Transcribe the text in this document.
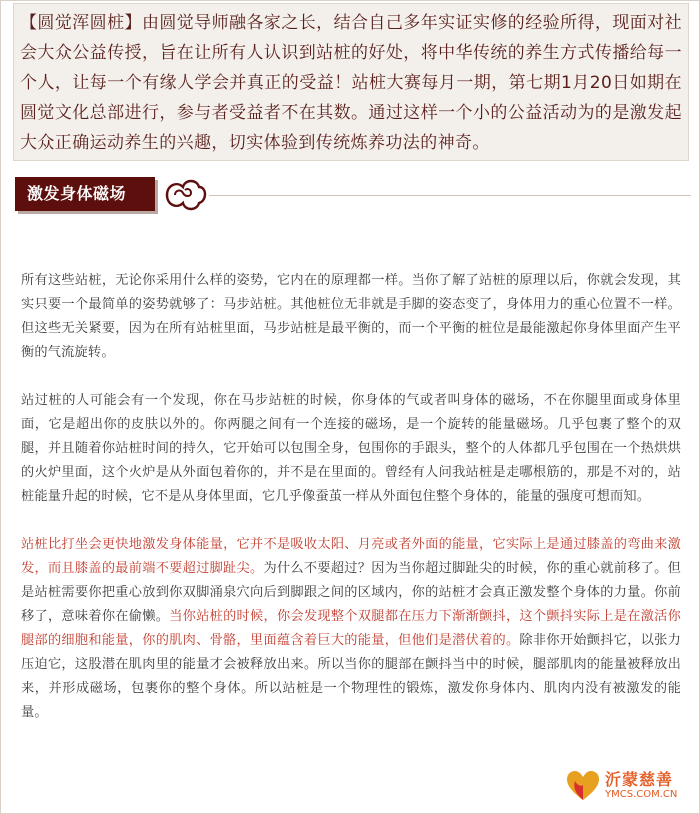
【圆觉浑圆桩】由圆觉导师融各家之长，结合自己多年实证实修的经验所得，现面对社会大众公益传授，旨在让所有人认识到站桩的好处，将中华传统的养生方式传播给每一个人，让每一个有缘人学会并真正的受益！站桩大赛每月一期，第七期1月20日如期在圆觉文化总部进行，参与者受益者不在其数。通过这样一个小的公益活动为的是激发起大众正确运动养生的兴趣，切实体验到传统炼养功法的神奇。

激发身体磁场

所有这些站桩，无论你采用什么样的姿势，它内在的原理都一样。当你了解了站桩的原理以后，你就会发现，其实只要一个最简单的姿势就够了：马步站桩。其他桩位无非就是手脚的姿态变了，身体用力的重心位置不一样。但这些无关紧要，因为在所有站桩里面，马步站桩是最平衡的，而一个平衡的桩位是最能激起你身体里面产生平衡的气流旋转。

站过桩的人可能会有一个发现，你在马步站桩的时候，你身体的气或者叫身体的磁场，不在你腿里面或身体里面，它是超出你的皮肤以外的。你两腿之间有一个连接的磁场，是一个旋转的能量磁场。几乎包裹了整个的双腿，并且随着你站桩时间的持久，它开始可以包围全身，包围你的手跟头，整个的人体都几乎包围在一个热烘烘的火炉里面，这个火炉是从外面包着你的，并不是在里面的。曾经有人问我站桩是走哪根筋的，那是不对的，站桩能量升起的时候，它不是从身体里面，它几乎像蚕茧一样从外面包住整个身体的，能量的强度可想而知。

站桩比打坐会更快地激发身体能量，它并不是吸收太阳、月亮或者外面的能量，它实际上是通过膝盖的弯曲来激发，而且膝盖的最前端不要超过脚趾尖。为什么不要超过？因为当你超过脚趾尖的时候，你的重心就前移了。但是站桩需要你把重心放到你双脚涌泉穴向后到脚跟之间的区域内，你的站桩才会真正激发整个身体的力量。你前移了，意味着你在偷懒。当你站桩的时候，你会发现整个双腿都在压力下渐渐颤抖，这个颤抖实际上是在激活你腿部的细胞和能量，你的肌肉、骨骼，里面蕴含着巨大的能量，但他们是潜伏着的。除非你开始颤抖它，以张力压迫它，这股潜在肌肉里的能量才会被释放出来。所以当你的腿部在颤抖当中的时候，腿部肌肉的能量被释放出来，并形成磁场，包裹你的整个身体。所以站桩是一个物理性的锻炼，激发你身体内、肌肉内没有被激发的能量。

沂蒙慈善
YMCS.COM.CN
